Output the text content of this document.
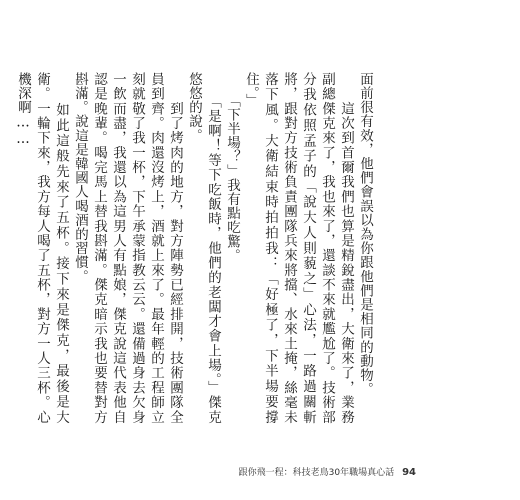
面前很有效，他們會誤以為你跟他們是相同的動物。

　　這次到首爾我們也算是精銳盡出，大衛來了，業務副總傑克來了，我也來了，還談不來就尷尬了。技術部分我依照孟子的「說大人則藐之」心法，一路過關斬將，跟對方技術負責團隊兵來將擋、水來土掩，絲毫未落下風。大衛結束時拍拍我：「好極了，下半場要撐住。」

　　「下半場？」我有點吃驚。

　　「是啊！等下吃飯時，他們的老闆才會上場。」傑克悠悠的說。

　　到了烤肉的地方，對方陣勢已經排開，技術團隊全員到齊。肉還沒烤上，酒就上來了。最年輕的工程師立刻就敬了我一杯，下午承蒙指教云云。還備過身去欠身一飲而盡，我還以為這男人有點娘，傑克說這代表他自認是晚輩。喝完馬上替我斟滿。傑克暗示我也要替對方斟滿。說這是韓國人喝酒的習慣。

　　如此這般先來了五杯。接下來是傑克，最後是大衛。一輪下來，我方每人喝了五杯，對方一人三杯。心機深啊……

跟你飛一程：科技老鳥30年職場真心話 94
